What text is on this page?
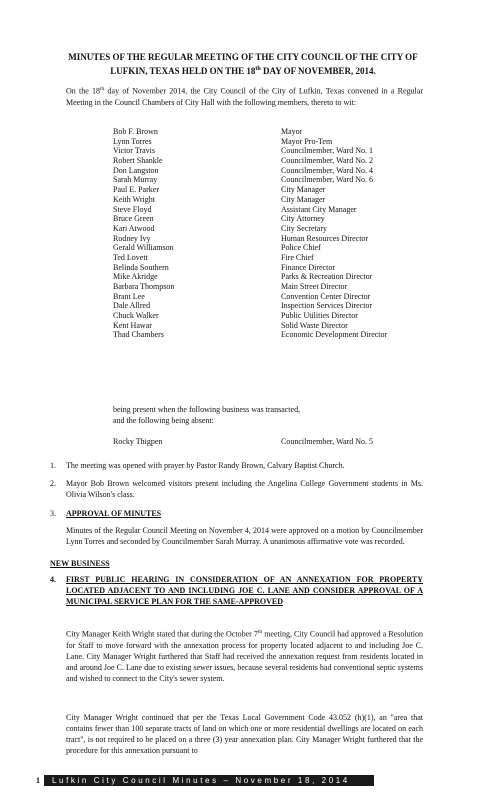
MINUTES OF THE REGULAR MEETING OF THE CITY COUNCIL OF THE CITY OF
LUFKIN, TEXAS HELD ON THE 18th DAY OF NOVEMBER, 2014.
On the 18th day of November 2014, the City Council of the City of Lufkin, Texas convened in a Regular Meeting in the Council Chambers of City Hall with the following members, thereto to wit:
Bob F. Brown	Mayor
Lynn Torres	Mayor Pro-Tem
Victor Travis	Councilmember, Ward No. 1
Robert Shankle	Councilmember, Ward No. 2
Don Langston	Councilmember, Ward No. 4
Sarah Murray	Councilmember, Ward No. 6
Paul E. Parker	City Manager
Keith Wright	City Manager
Steve Floyd	Assistant City Manager
Bruce Green	City Attorney
Kari Atwood	City Secretary
Rodney Ivy	Human Resources Director
Gerald Williamson	Police Chief
Ted Lovett	Fire Chief
Belinda Southern	Finance Director
Mike Akridge	Parks & Recreation Director
Barbara Thompson	Main Street Director
Brant Lee	Convention Center Director
Dale Allred	Inspection Services Director
Chuck Walker	Public Utilities Director
Kent Hawar	Solid Waste Director
Thad Chambers	Economic Development Director
being present when the following business was transacted,
and the following being absent:
Rocky Thigpen	Councilmember, Ward No. 5
1.	The meeting was opened with prayer by Pastor Randy Brown, Calvary Baptist Church.
2.	Mayor Bob Brown welcomed visitors present including the Angelina College Government students in Ms. Olivia Wilson's class.
3.	APPROVAL OF MINUTES
Minutes of the Regular Council Meeting on November 4, 2014 were approved on a motion by Councilmember Lynn Torres and seconded by Councilmember Sarah Murray. A unanimous affirmative vote was recorded.
NEW BUSINESS
4.	FIRST PUBLIC HEARING IN CONSIDERATION OF AN ANNEXATION FOR PROPERTY LOCATED ADJACENT TO AND INCLUDING JOE C. LANE AND CONSIDER APPROVAL OF A MUNICIPAL SERVICE PLAN FOR THE SAME-APPROVED
City Manager Keith Wright stated that during the October 7th meeting, City Council had approved a Resolution for Staff to move forward with the annexation process for property located adjacent to and including Joe C. Lane. City Manager Wright furthered that Staff had received the annexation request from residents located in and around Joe C. Lane due to existing sewer issues, because several residents had conventional septic systems and wished to connect to the City's sewer system.
City Manager Wright continued that per the Texas Local Government Code 43.052 (h)(1), an "area that contains fewer than 100 separate tracts of land on which one or more residential dwellings are located on each tract", is not required to be placed on a three (3) year annexation plan. City Manager Wright furthered that the procedure for this annexation pursuant to
1	Lufkin City Council Minutes – November 18, 2014
